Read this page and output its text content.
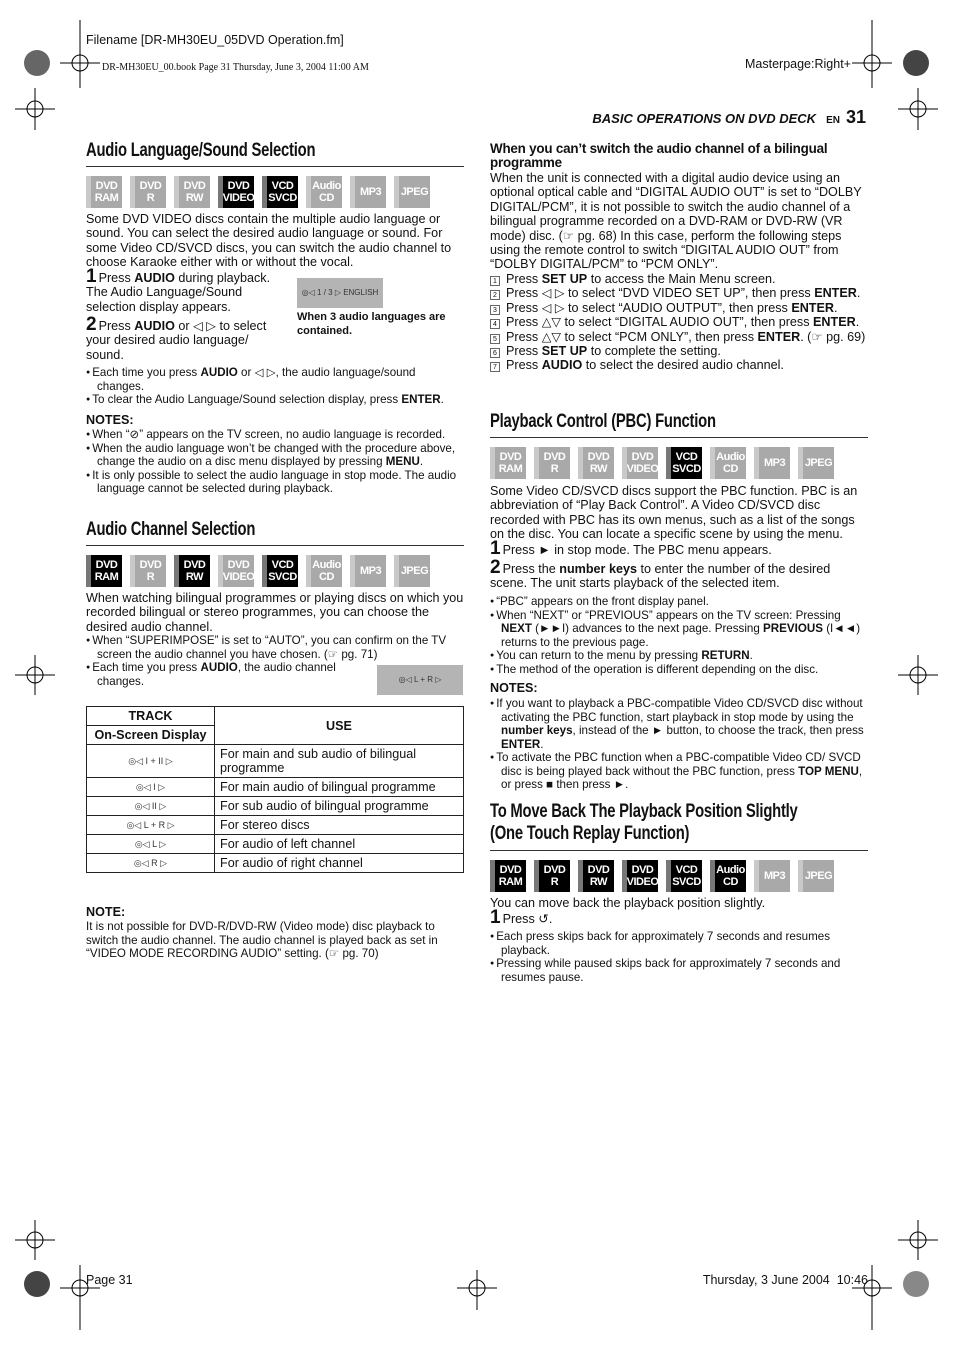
Filename [DR-MH30EU_05DVD Operation.fm]
DR-MH30EU_00.book Page 31 Thursday, June 3, 2004 11:00 AM	Masterpage:Right+
BASIC OPERATIONS ON DVD DECK EN 31
Audio Language/Sound Selection
DVD
RAM
DVD
R
DVD
RW
DVD
VIDEO
VCD
SVCD
Audio
CD MP3 JPEG
Some DVD VIDEO discs contain the multiple audio language or sound. You can select the desired audio language or sound. For some Video CD/SVCD discs, you can switch the audio channel to choose Karaoke either with or without the vocal.
1 Press AUDIO during playback. The Audio Language/Sound selection display appears.
◎◁ 1 / 3 ▷ ENGLISH
When 3 audio languages are contained.
2 Press AUDIO or ◁ ▷ to select your desired audio language/ sound.
● Each time you press AUDIO or ◁ ▷, the audio language/sound changes.
● To clear the Audio Language/Sound selection display, press ENTER.
NOTES:
● When “⊘” appears on the TV screen, no audio language is recorded.
● When the audio language won’t be changed with the procedure above, change the audio on a disc menu displayed by pressing MENU.
● It is only possible to select the audio language in stop mode. The audio language cannot be selected during playback.
Audio Channel Selection
DVD
RAM
DVD
R
DVD
RW
DVD
VIDEO
VCD
SVCD
Audio
CD MP3 JPEG
When watching bilingual programmes or playing discs on which you recorded bilingual or stereo programmes, you can choose the desired audio channel.
● When “SUPERIMPOSE” is set to “AUTO”, you can confirm on the TV screen the audio channel you have chosen. (☞ pg. 71)
● Each time you press AUDIO, the audio channel changes.	◎◁ L + R ▷
TRACK	USE
On-Screen Display	
◎◁ I + II ▷	For main and sub audio of bilingual programme
◎◁ I ▷	For main audio of bilingual programme
◎◁ II ▷	For sub audio of bilingual programme
◎◁ L + R ▷	For stereo discs
◎◁ L ▷	For audio of left channel
◎◁ R ▷	For audio of right channel
NOTE:
It is not possible for DVD-R/DVD-RW (Video mode) disc playback to switch the audio channel. The audio channel is played back as set in “VIDEO MODE RECORDING AUDIO” setting. (☞ pg. 70)
When you can’t switch the audio channel of a bilingual programme
When the unit is connected with a digital audio device using an optional optical cable and “DIGITAL AUDIO OUT” is set to “DOLBY DIGITAL/PCM”, it is not possible to switch the audio channel of a bilingual programme recorded on a DVD-RAM or DVD-RW (VR mode) disc. (☞ pg. 68) In this case, perform the following steps using the remote control to switch “DIGITAL AUDIO OUT” from “DOLBY DIGITAL/PCM” to “PCM ONLY”.
1 Press SET UP to access the Main Menu screen.
2 Press ◁ ▷ to select “DVD VIDEO SET UP”, then press ENTER.
3 Press ◁ ▷ to select “AUDIO OUTPUT”, then press ENTER.
4 Press △▽ to select “DIGITAL AUDIO OUT”, then press ENTER.
5 Press △▽ to select “PCM ONLY”, then press ENTER. (☞ pg. 69)
6 Press SET UP to complete the setting.
7 Press AUDIO to select the desired audio channel.
Playback Control (PBC) Function
DVD
RAM
DVD
R
DVD
RW
DVD
VIDEO
VCD
SVCD
Audio
CD MP3 JPEG
Some Video CD/SVCD discs support the PBC function. PBC is an abbreviation of “Play Back Control”. A Video CD/SVCD disc recorded with PBC has its own menus, such as a list of the songs on the disc. You can locate a specific scene by using the menu.
1 Press ► in stop mode. The PBC menu appears.
2 Press the number keys to enter the number of the desired scene. The unit starts playback of the selected item.
● “PBC” appears on the front display panel.
● When “NEXT” or “PREVIOUS” appears on the TV screen: Pressing NEXT (►►I) advances to the next page. Pressing PREVIOUS (I◄◄) returns to the previous page.
● You can return to the menu by pressing RETURN.
● The method of the operation is different depending on the disc.
NOTES:
● If you want to playback a PBC-compatible Video CD/SVCD disc without activating the PBC function, start playback in stop mode by using the number keys, instead of the ► button, to choose the track, then press ENTER.
● To activate the PBC function when a PBC-compatible Video CD/ SVCD disc is being played back without the PBC function, press TOP MENU, or press ■ then press ►.
To Move Back The Playback Position Slightly
(One Touch Replay Function)
DVD
RAM
DVD
R
DVD
RW
DVD
VIDEO
VCD
SVCD
Audio
CD MP3 JPEG
You can move back the playback position slightly.
1 Press ↺.
● Each press skips back for approximately 7 seconds and resumes playback.
● Pressing while paused skips back for approximately 7 seconds and resumes pause.
Page 31	Thursday, 3 June 2004  10:46
